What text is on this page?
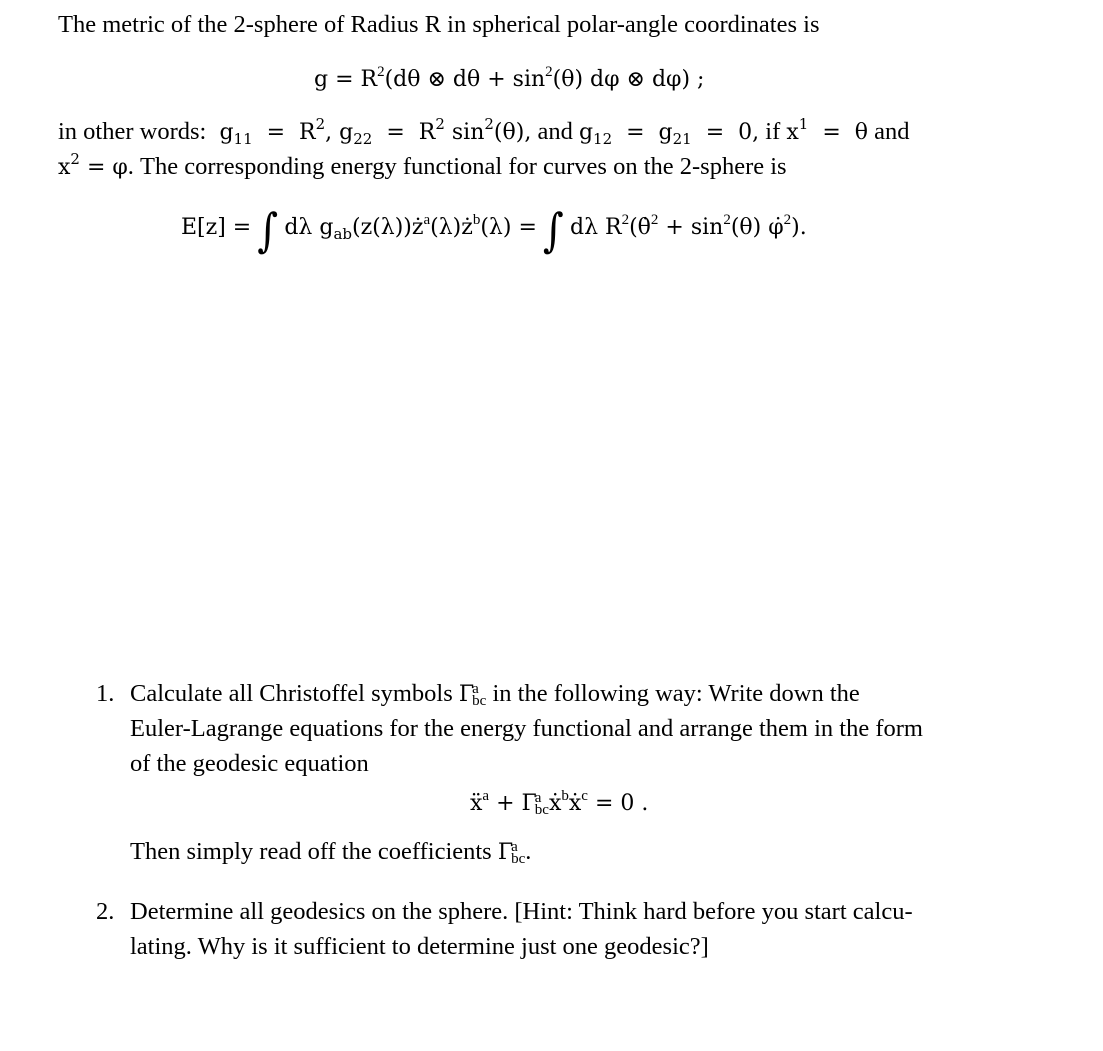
The metric of the 2-sphere of Radius R in spherical polar-angle coordinates is
$g = R^2(d\theta$ ⊗ $d\theta + \sin^2(\theta)$ dφ ⊗ dφ) ;
in other words:  $g_{11} = R^2$, $g_{22} = R^2$ $\sin^2(\theta)$, and $g_{12} = g_{21} = 0$, if $x^1 = \theta$ and
$x^2 = \varphi$. The corresponding energy functional for curves on the 2-sphere is
E[z] = ∫ dλ $g_{ab}(z(\lambda))ż^a(\lambda)ż^b(\lambda)$ = ∫ dλ $R^2(\thetȧ^2 + \sin^2(\theta)$ φ̇$^2$).
1. Calculate all Christoffel symbols Γ
a
bc in the following way: Write down the
Euler-Lagrange equations for the energy functional and arrange them in the form
of the geodesic equation
ẍ$^a$ + Γ
a
bc ẋ$^b$ẋ$^c$ = 0 .
Then simply read off the coefficients Γ
a
bc .
2. Determine all geodesics on the sphere. [Hint: Think hard before you start calcu-
lating. Why is it sufficient to determine just one geodesic?]
